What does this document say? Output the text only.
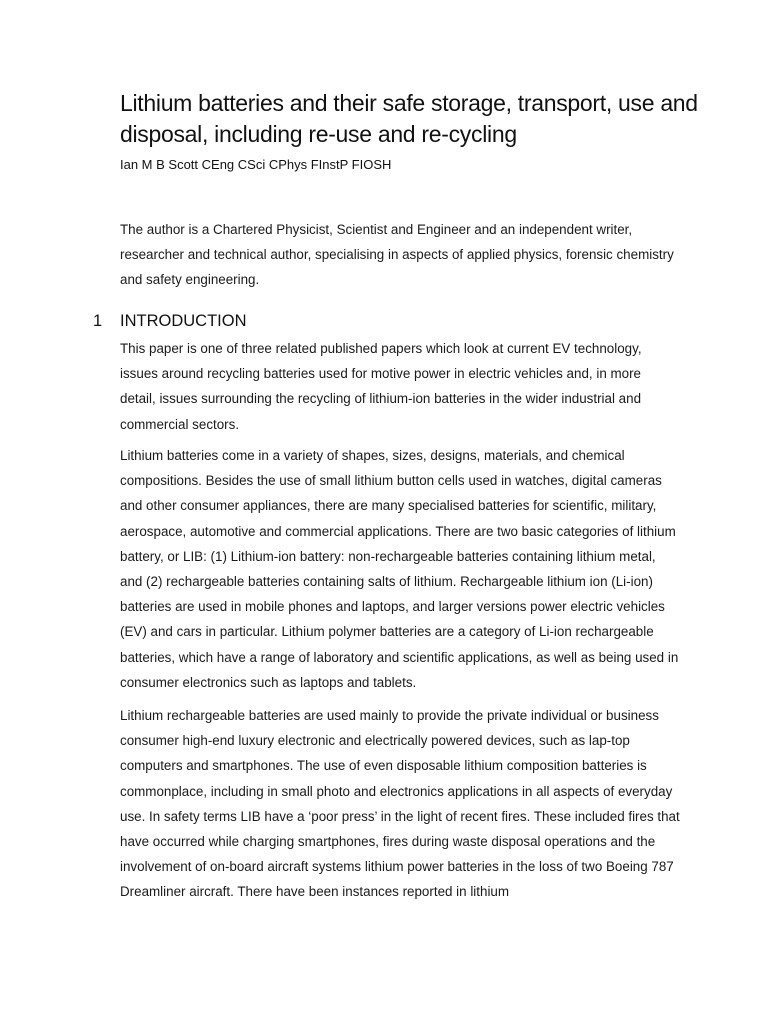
Lithium batteries and their safe storage, transport, use and disposal, including re-use and re-cycling

Ian M B Scott CEng CSci CPhys FInstP FIOSH

The author is a Chartered Physicist, Scientist and Engineer and an independent writer, researcher and technical author, specialising in aspects of applied physics, forensic chemistry and safety engineering.

1	INTRODUCTION

This paper is one of three related published papers which look at current EV technology, issues around recycling batteries used for motive power in electric vehicles and, in more detail, issues surrounding the recycling of lithium-ion batteries in the wider industrial and commercial sectors.

Lithium batteries come in a variety of shapes, sizes, designs, materials, and chemical compositions. Besides the use of small lithium button cells used in watches, digital cameras and other consumer appliances, there are many specialised batteries for scientific, military, aerospace, automotive and commercial applications. There are two basic categories of lithium battery, or LIB: (1) Lithium-ion battery: non-rechargeable batteries containing lithium metal, and (2) rechargeable batteries containing salts of lithium. Rechargeable lithium ion (Li-ion) batteries are used in mobile phones and laptops, and larger versions power electric vehicles (EV) and cars in particular. Lithium polymer batteries are a category of Li-ion rechargeable batteries, which have a range of laboratory and scientific applications, as well as being used in consumer electronics such as laptops and tablets.

Lithium rechargeable batteries are used mainly to provide the private individual or business consumer high-end luxury electronic and electrically powered devices, such as lap-top computers and smartphones. The use of even disposable lithium composition batteries is commonplace, including in small photo and electronics applications in all aspects of everyday use. In safety terms LIB have a ‘poor press’ in the light of recent fires. These included fires that have occurred while charging smartphones, fires during waste disposal operations and the involvement of on-board aircraft systems lithium power batteries in the loss of two Boeing 787 Dreamliner aircraft. There have been instances reported in lithium
